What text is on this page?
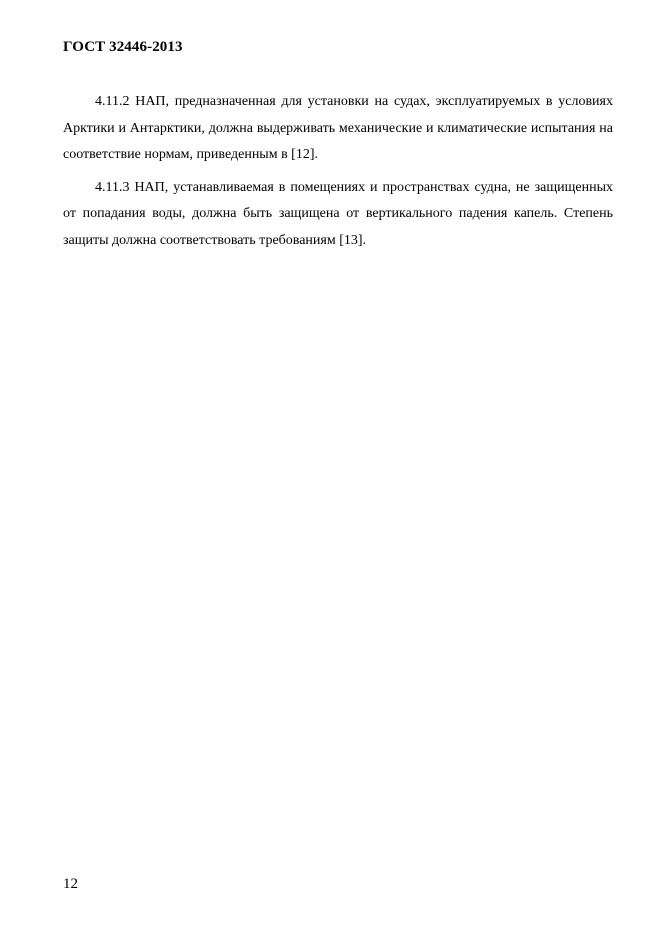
ГОСТ 32446-2013

4.11.2 НАП, предназначенная для установки на судах, эксплуатируемых в условиях Арктики и Антарктики, должна выдерживать механические и климатические испытания на соответствие нормам, приведенным в [12].

4.11.3 НАП, устанавливаемая в помещениях и пространствах судна, не защищенных от попадания воды, должна быть защищена от вертикального падения капель. Степень защиты должна соответствовать требованиям [13].

12
